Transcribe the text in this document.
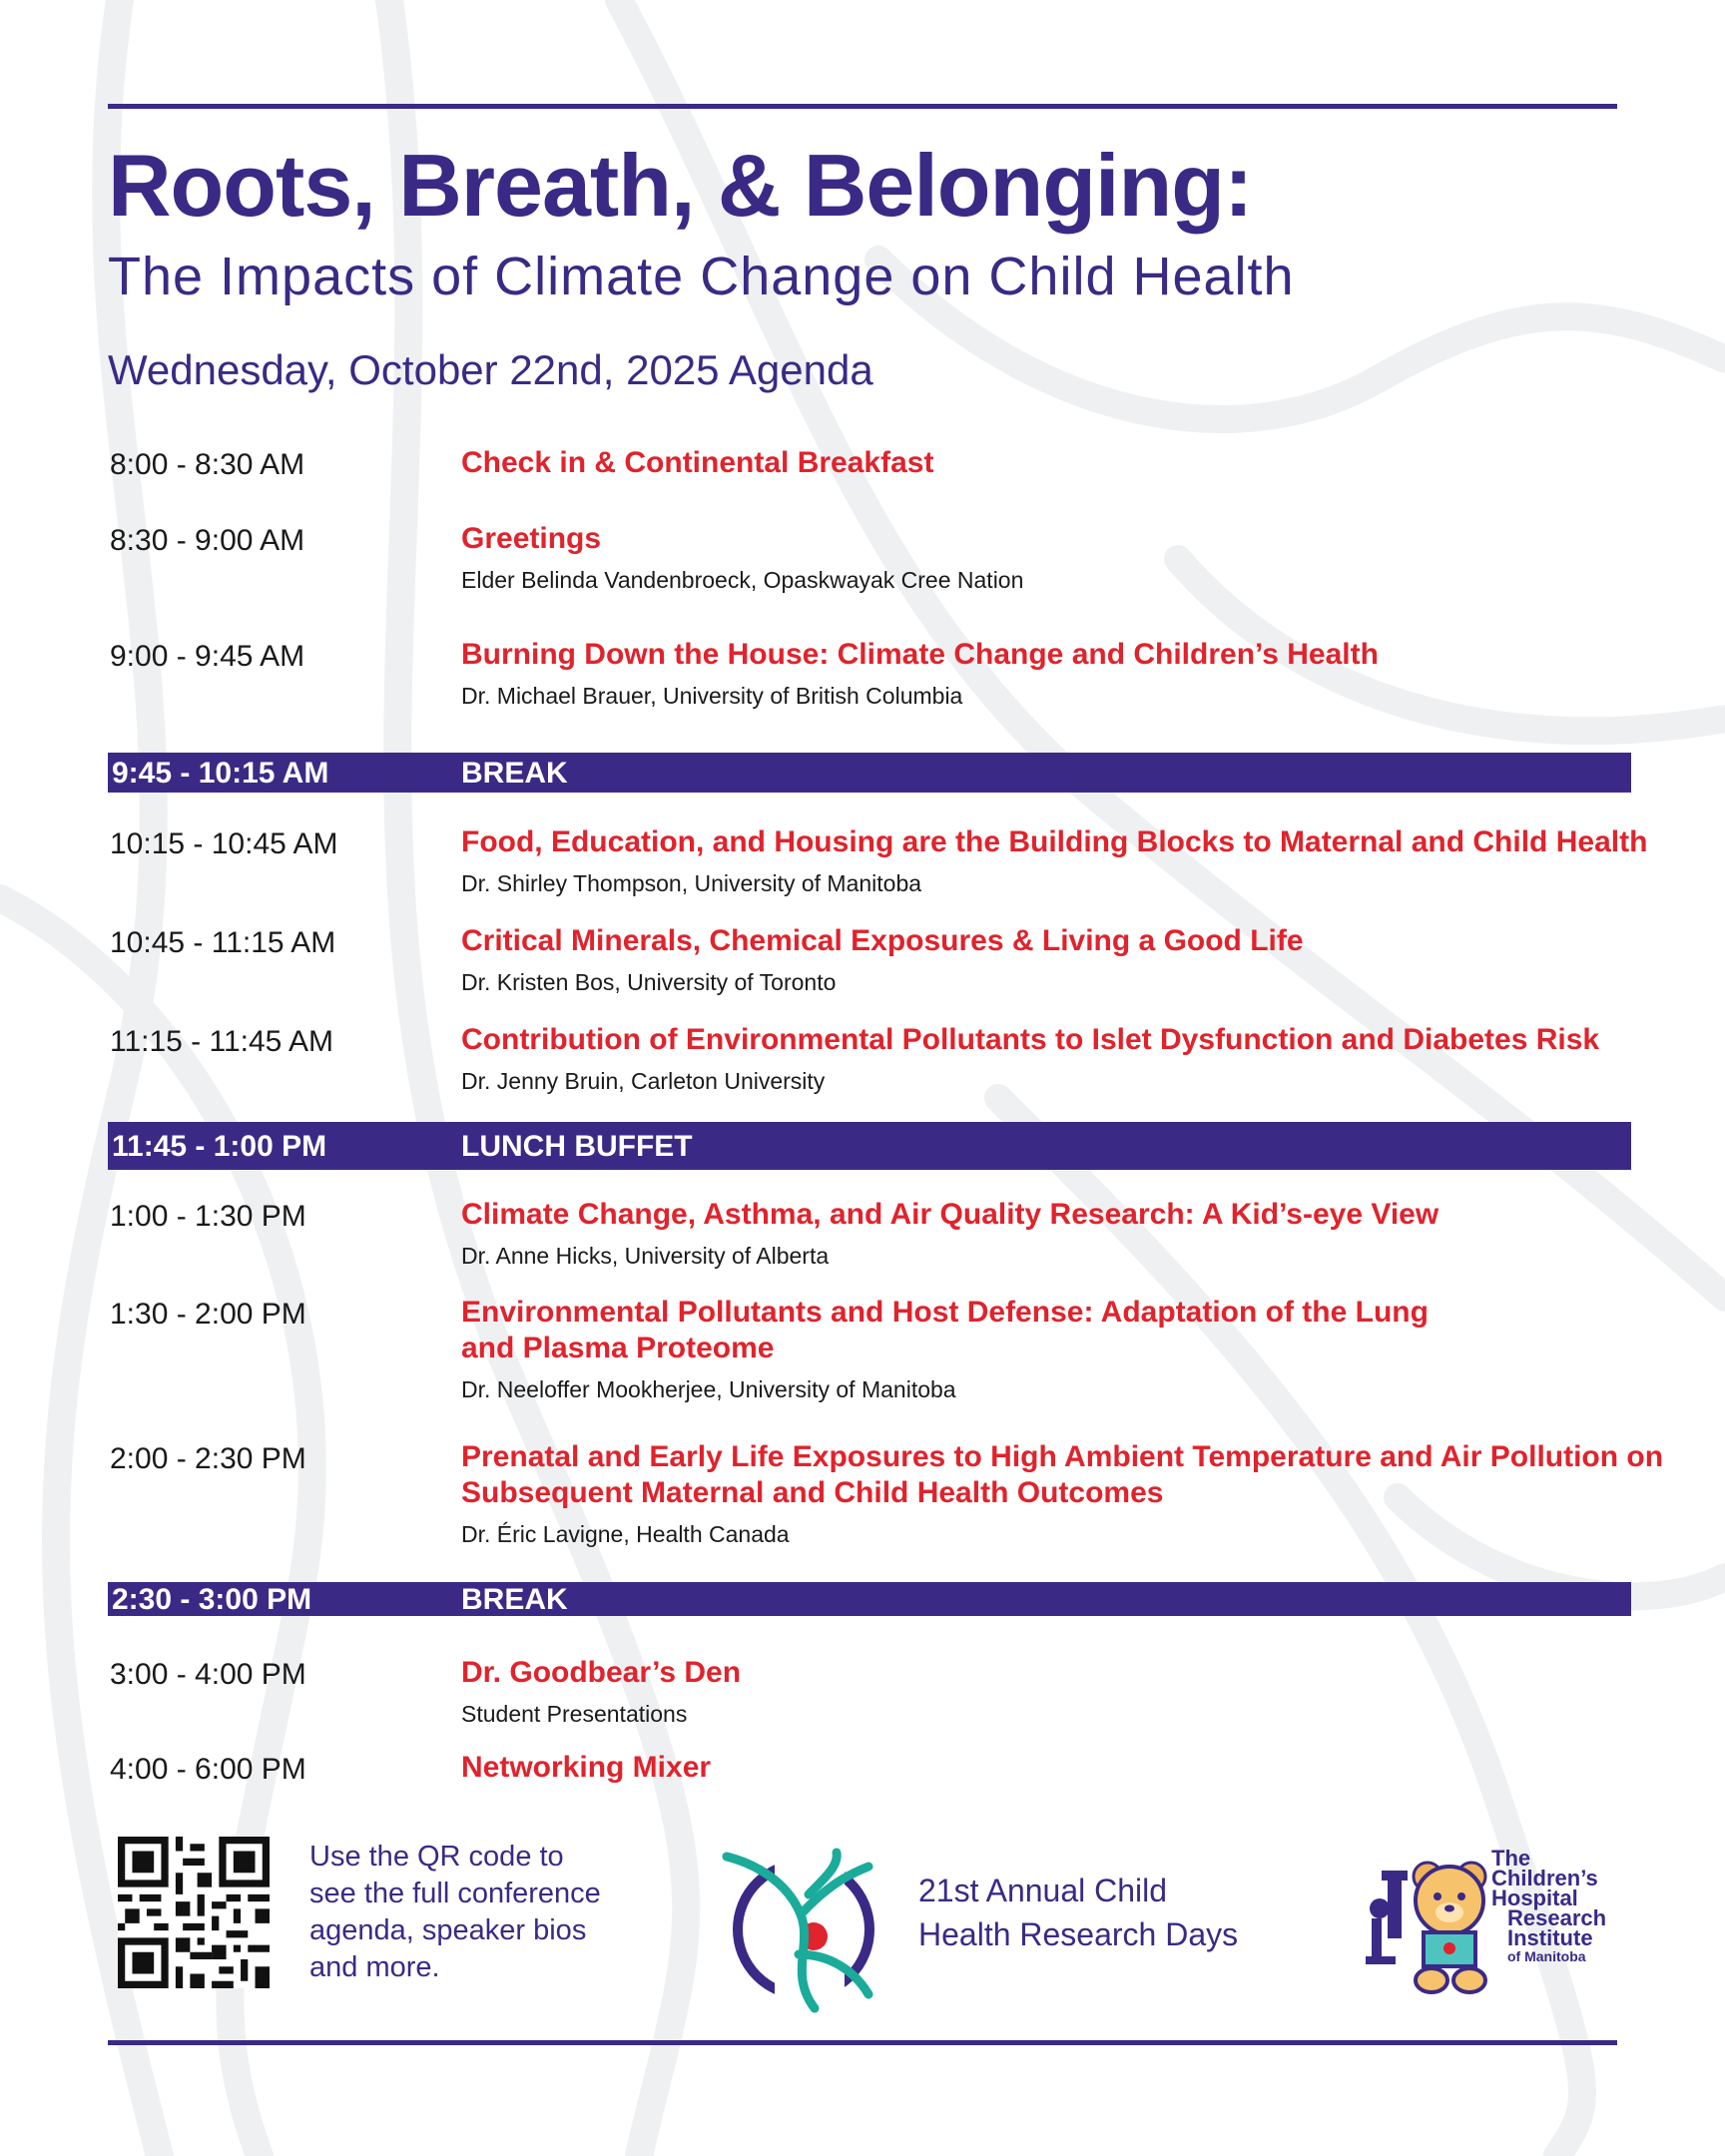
Roots, Breath, & Belonging:
The Impacts of Climate Change on Child Health
Wednesday, October 22nd, 2025 Agenda
8:00 - 8:30 AM	Check in & Continental Breakfast
8:30 - 9:00 AM	Greetings
Elder Belinda Vandenbroeck, Opaskwayak Cree Nation
9:00 - 9:45 AM	Burning Down the House: Climate Change and Children’s Health
Dr. Michael Brauer, University of British Columbia
9:45 - 10:15 AM	BREAK
10:15 - 10:45 AM	Food, Education, and Housing are the Building Blocks to Maternal and Child Health
Dr. Shirley Thompson, University of Manitoba
10:45 - 11:15 AM	Critical Minerals, Chemical Exposures & Living a Good Life
Dr. Kristen Bos, University of Toronto
11:15 - 11:45 AM	Contribution of Environmental Pollutants to Islet Dysfunction and Diabetes Risk
Dr. Jenny Bruin, Carleton University
11:45 - 1:00 PM	LUNCH BUFFET
1:00 - 1:30 PM	Climate Change, Asthma, and Air Quality Research: A Kid’s-eye View
Dr. Anne Hicks, University of Alberta
1:30 - 2:00 PM	Environmental Pollutants and Host Defense: Adaptation of the Lung
and Plasma Proteome
Dr. Neeloffer Mookherjee, University of Manitoba
2:00 - 2:30 PM	Prenatal and Early Life Exposures to High Ambient Temperature and Air Pollution on
Subsequent Maternal and Child Health Outcomes
Dr. Éric Lavigne, Health Canada
2:30 - 3:00 PM	BREAK
3:00 - 4:00 PM	Dr. Goodbear’s Den
Student Presentations
4:00 - 6:00 PM	Networking Mixer
Use the QR code to
see the full conference
agenda, speaker bios
and more.
21st Annual Child
Health Research Days
The
Children’s
Hospital
Research
Institute
of Manitoba
